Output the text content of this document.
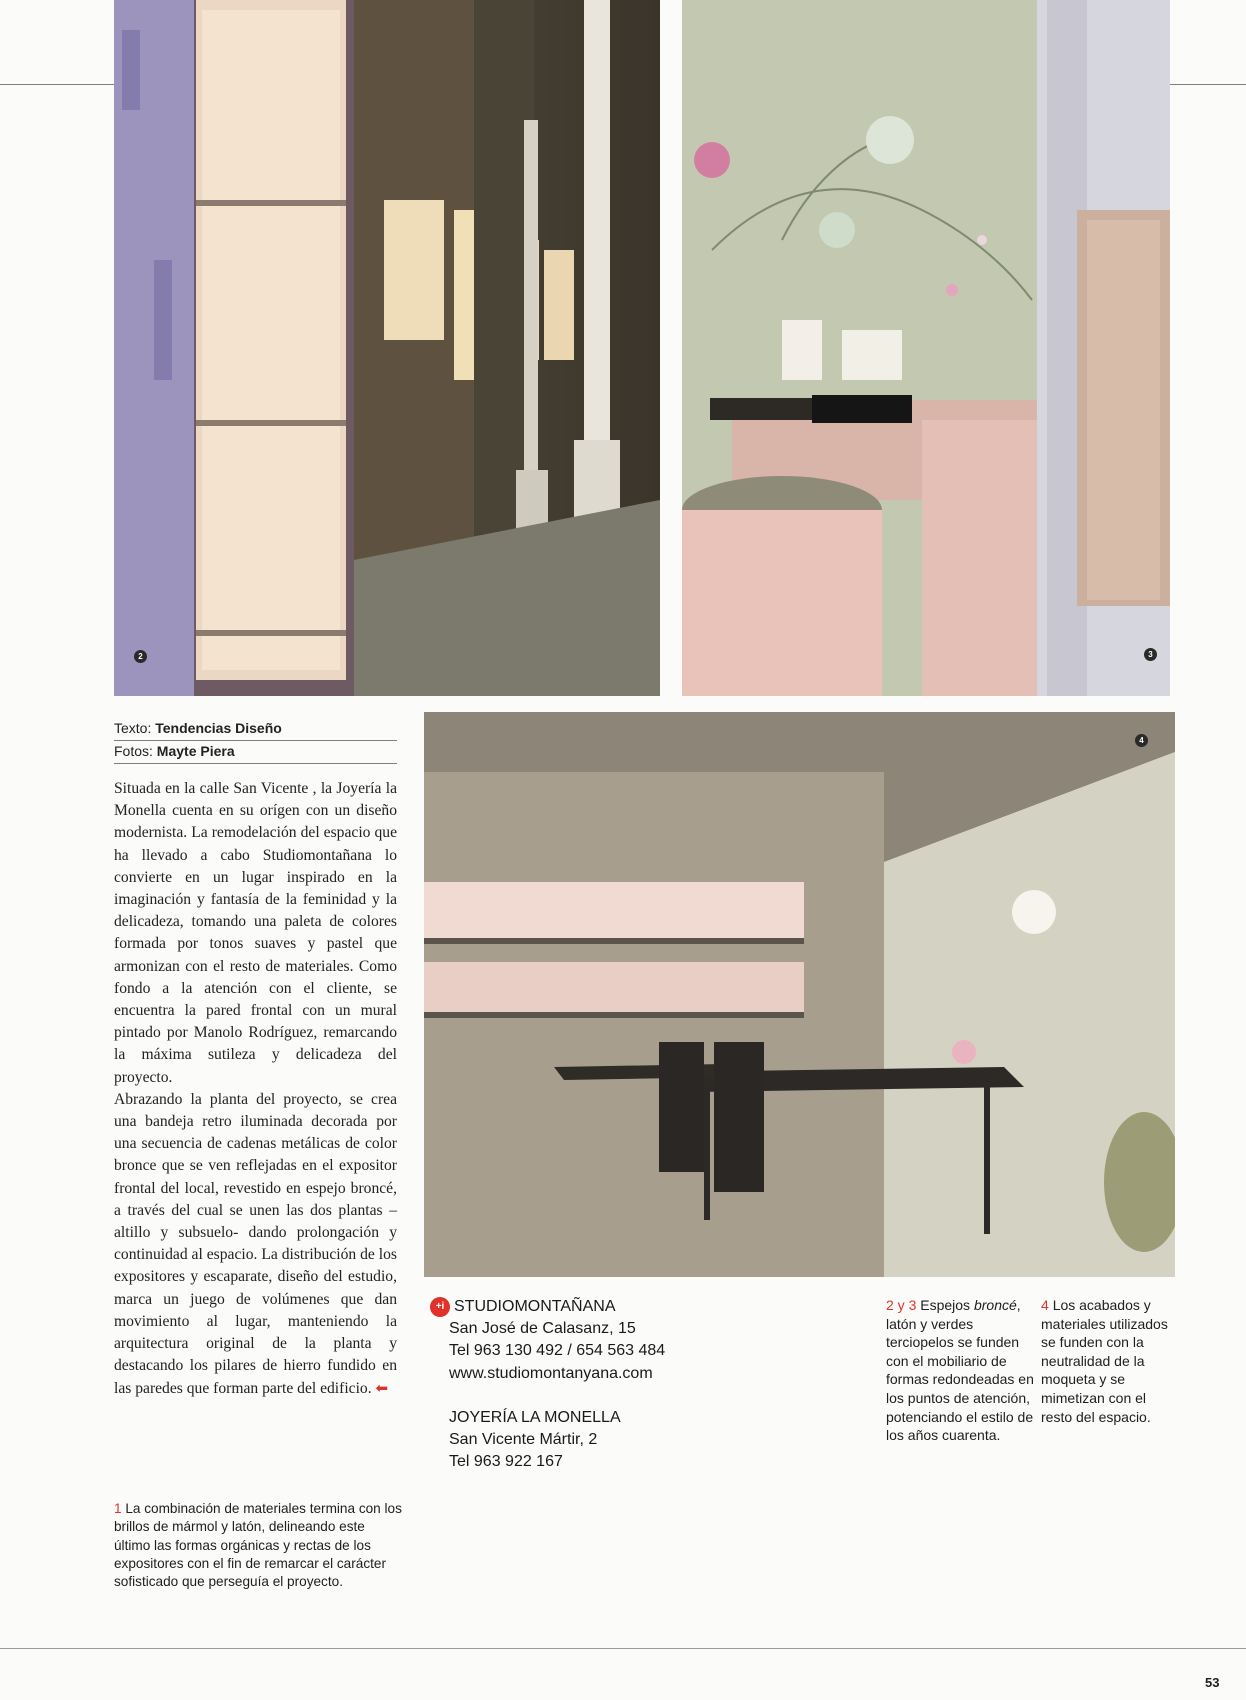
2	3
Texto: Tendencias Diseño
Fotos: Mayte Piera
4

Situada en la calle San Vicente , la Joyería la Monella cuenta en su orígen con un diseño modernista. La remodelación del espacio que ha llevado a cabo Studiomontañana lo convierte en un lugar inspirado en la imaginación y fantasía de la feminidad y la delicadeza, tomando una paleta de colores formada por tonos suaves y pastel que armonizan con el resto de materiales. Como fondo a la atención con el cliente, se encuentra la pared frontal con un mural pintado por Manolo Rodríguez, remarcando la máxima sutileza y delicadeza del proyecto.

Abrazando la planta del proyecto, se crea una bandeja retro iluminada decorada por una secuencia de cadenas metálicas de color bronce que se ven reflejadas en el expositor frontal del local, revestido en espejo broncé, a través del cual se unen las dos plantas –altillo y subsuelo- dando prolongación y continuidad al espacio. La distribución de los expositores y escaparate, diseño del estudio, marca un juego de volúmenes que dan movimiento al lugar, manteniendo la arquitectura original de la planta y destacando los pilares de hierro fundido en las paredes que forman parte del edificio. ⬅

1 La combinación de materiales termina con los brillos de mármol y latón, delineando este último las formas orgánicas y rectas de los expositores con el fin de remarcar el carácter sofisticado que perseguía el proyecto.
+i STUDIOMONTAÑANA
San José de Calasanz, 15
Tel 963 130 492 / 654 563 484
www.studiomontanyana.com

JOYERÍA LA MONELLA
San Vicente Mártir, 2
Tel 963 922 167
2 y 3 Espejos broncé, latón y verdes terciopelos se funden con el mobiliario de formas redondeadas en los puntos de atención, potenciando el estilo de los años cuarenta.
4 Los acabados y materiales utilizados se funden con la neutralidad de la moqueta y se mimetizan con el resto del espacio.
53
